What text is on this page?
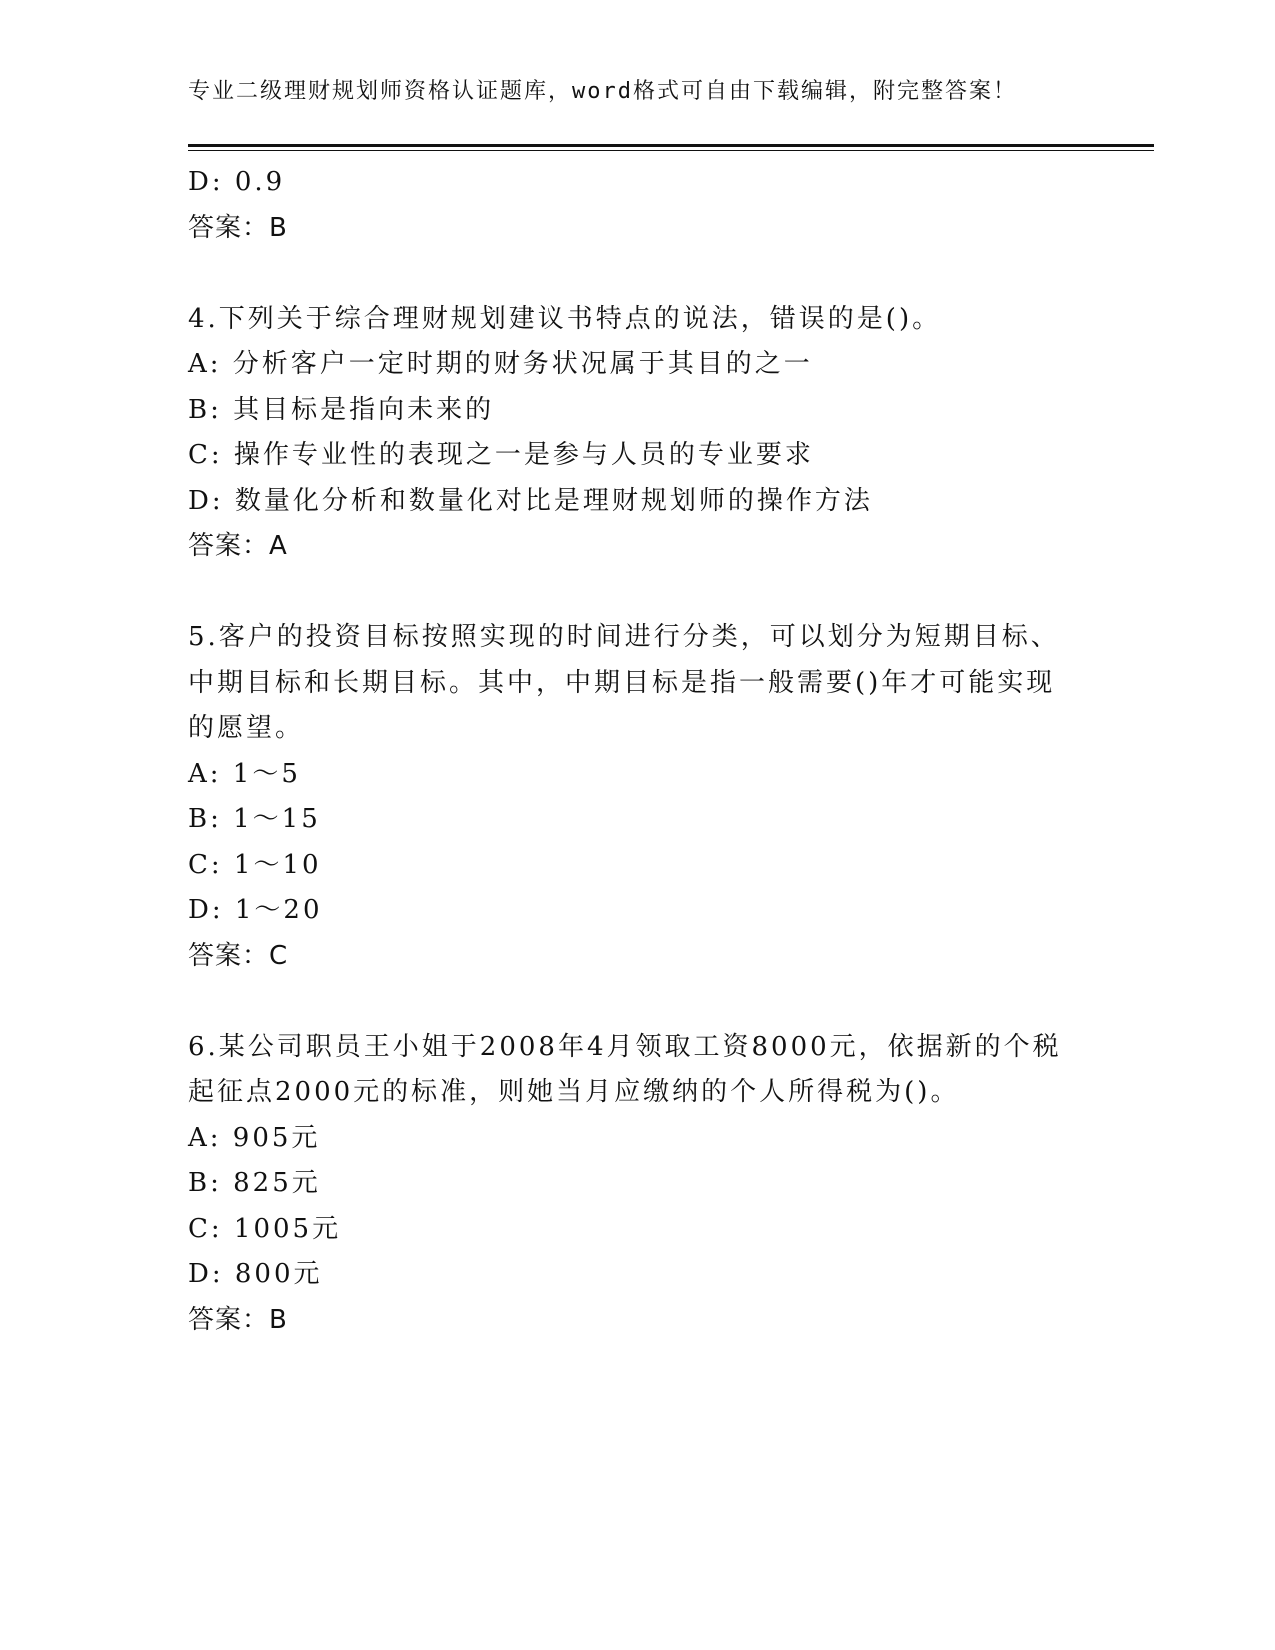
专业二级理财规划师资格认证题库，word格式可自由下载编辑，附完整答案！
D: 0.9
答案：B
4.下列关于综合理财规划建议书特点的说法，错误的是()。
A: 分析客户一定时期的财务状况属于其目的之一
B: 其目标是指向未来的
C: 操作专业性的表现之一是参与人员的专业要求
D: 数量化分析和数量化对比是理财规划师的操作方法
答案：A
5.客户的投资目标按照实现的时间进行分类，可以划分为短期目标、
中期目标和长期目标。其中，中期目标是指一般需要()年才可能实现
的愿望。
A: 1～5
B: 1～15
C: 1～10
D: 1～20
答案：C
6.某公司职员王小姐于2008年4月领取工资8000元，依据新的个税
起征点2000元的标准，则她当月应缴纳的个人所得税为()。
A: 905元
B: 825元
C: 1005元
D: 800元
答案：B
